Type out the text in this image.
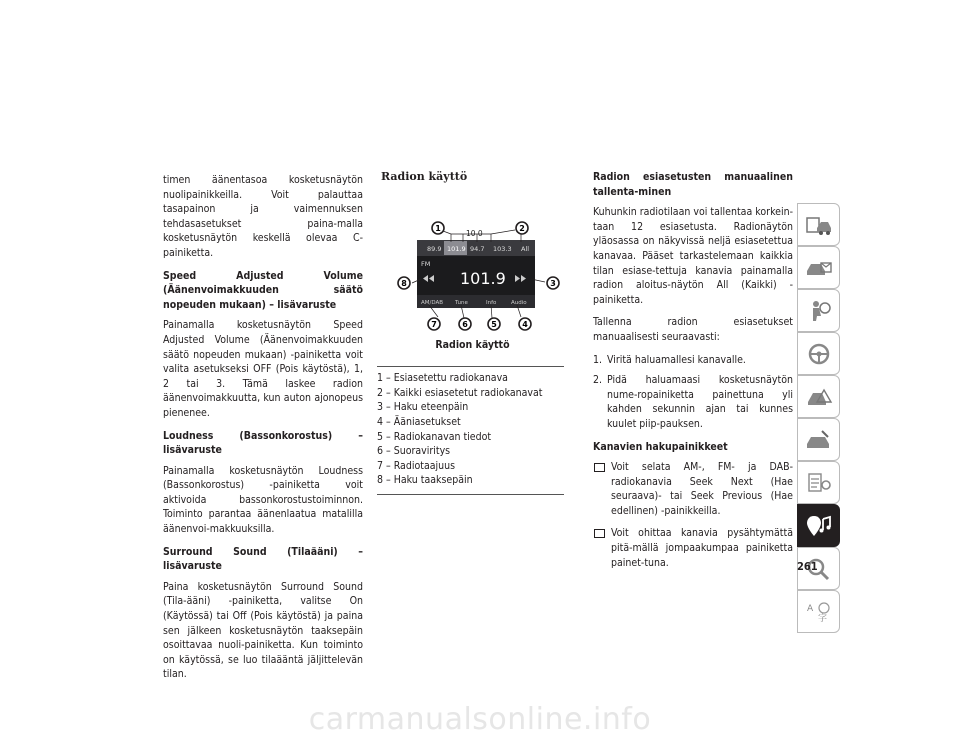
timen äänentasoa kosketusnäytön nuolipainikkeilla. Voit palauttaa tasapainon ja vaimennuksen tehdasasetukset paina-malla kosketusnäytön keskellä olevaa C-painiketta.

Speed Adjusted Volume (Äänenvoimakkuuden säätö nopeuden mukaan) – lisävaruste

Painamalla kosketusnäytön Speed Adjusted Volume (Äänenvoimakkuuden säätö nopeuden mukaan) -painiketta voit valita asetukseksi OFF (Pois käytöstä), 1, 2 tai 3. Tämä laskee radion äänenvoimakkuutta, kun auton ajonopeus pienenee.

Loudness (Bassonkorostus) – lisävaruste

Painamalla kosketusnäytön Loudness (Bassonkorostus) -painiketta voit aktivoida bassonkorostustoiminnon. Toiminto parantaa äänenlaatua matalilla äänenvoi-makkuuksilla.

Surround Sound (Tilaääni) – lisävaruste

Paina kosketusnäytön Surround Sound (Tila-ääni) -painiketta, valitse On (Käytössä) tai Off (Pois käytöstä) ja paina sen jälkeen kosketusnäytön taaksepäin osoittavaa nuoli-painiketta. Kun toiminto on käytössä, se luo tilaääntä jäljittelevän tilan.

Radion käyttö
89.9 101.9 94.7 103.3 All
10 0
FM
101.9
AM/DAB Tune	Info	Audio
1	2
3
4
5
6
7
8
Radion käyttö
1 – Esiasetettu radiokanava
2 – Kaikki esiasetetut radiokanavat
3 – Haku eteenpäin
4 – Ääniasetukset
5 – Radiokanavan tiedot
6 – Suoraviritys
7 – Radiotaajuus
8 – Haku taaksepäin

Radion esiasetusten manuaalinen tallenta-minen

Kuhunkin radiotilaan voi tallentaa korkein-taan 12 esiasetusta. Radionäytön yläosassa on näkyvissä neljä esiasetettua kanavaa. Pääset tarkastelemaan kaikkia tilan esiase-tettuja kanavia painamalla radion aloitus-näytön All (Kaikki) -painiketta.

Tallenna radion esiasetukset manuaalisesti seuraavasti:

1. Viritä haluamallesi kanavalle.
2. Pidä haluamaasi kosketusnäytön nume-ropainiketta painettuna yli kahden sekunnin ajan tai kunnes kuulet piip-pauksen.

Kanavien hakupainikkeet

Voit selata AM-, FM- ja DAB-radiokanavia Seek Next (Hae seuraava)- tai Seek Previous (Hae edellinen) -painikkeilla.
Voit ohittaa kanavia pysähtymättä pitä-mällä jompaakumpaa painiketta painet-tuna.
A
字
261
carmanualsonline.info
